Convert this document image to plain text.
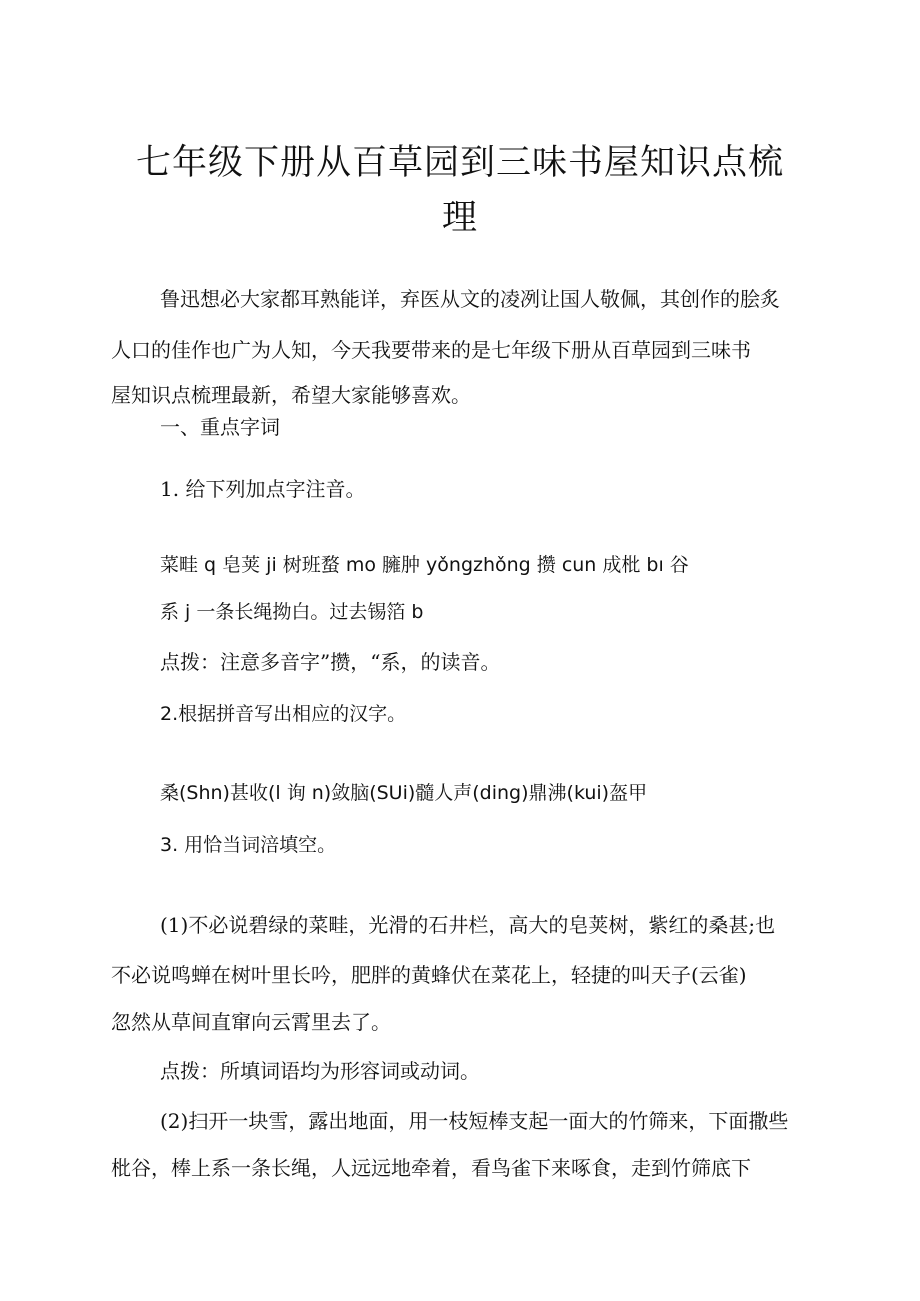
七年级下册从百草园到三味书屋知识点梳
理
鲁迅想必大家都耳熟能详，弃医从文的凌冽让国人敬佩，其创作的脍炙
人口的佳作也广为人知，今天我要带来的是七年级下册从百草园到三味书
屋知识点梳理最新，希望大家能够喜欢。
一、重点字词
1. 给下列加点字注音。
菜畦 q 皂荚 ji 树班蝥 mo 臃肿 yǒngzhǒng 攒 cun 成枇 bı 谷
系 j 一条长绳拗白。过去锡箔 b
点拨：注意多音字”攒，“系，的读音。
2.根据拼音写出相应的汉字。
桑(Shn)甚收(l 询 n)敛脑(SUi)髓人声(ding)鼎沸(kui)盔甲
3. 用恰当词涪填空。
(1)不必说碧绿的菜畦，光滑的石井栏，高大的皂荚树，紫红的桑甚;也
不必说鸣蝉在树叶里长吟，肥胖的黄蜂伏在菜花上，轻捷的叫天子(云雀)
忽然从草间直窜向云霄里去了。
点拨：所填词语均为形容词或动词。
(2)扫开一块雪，露出地面，用一枝短棒支起一面大的竹筛来，下面撒些
枇谷，棒上系一条长绳，人远远地牵着，看鸟雀下来啄食，走到竹筛底下
